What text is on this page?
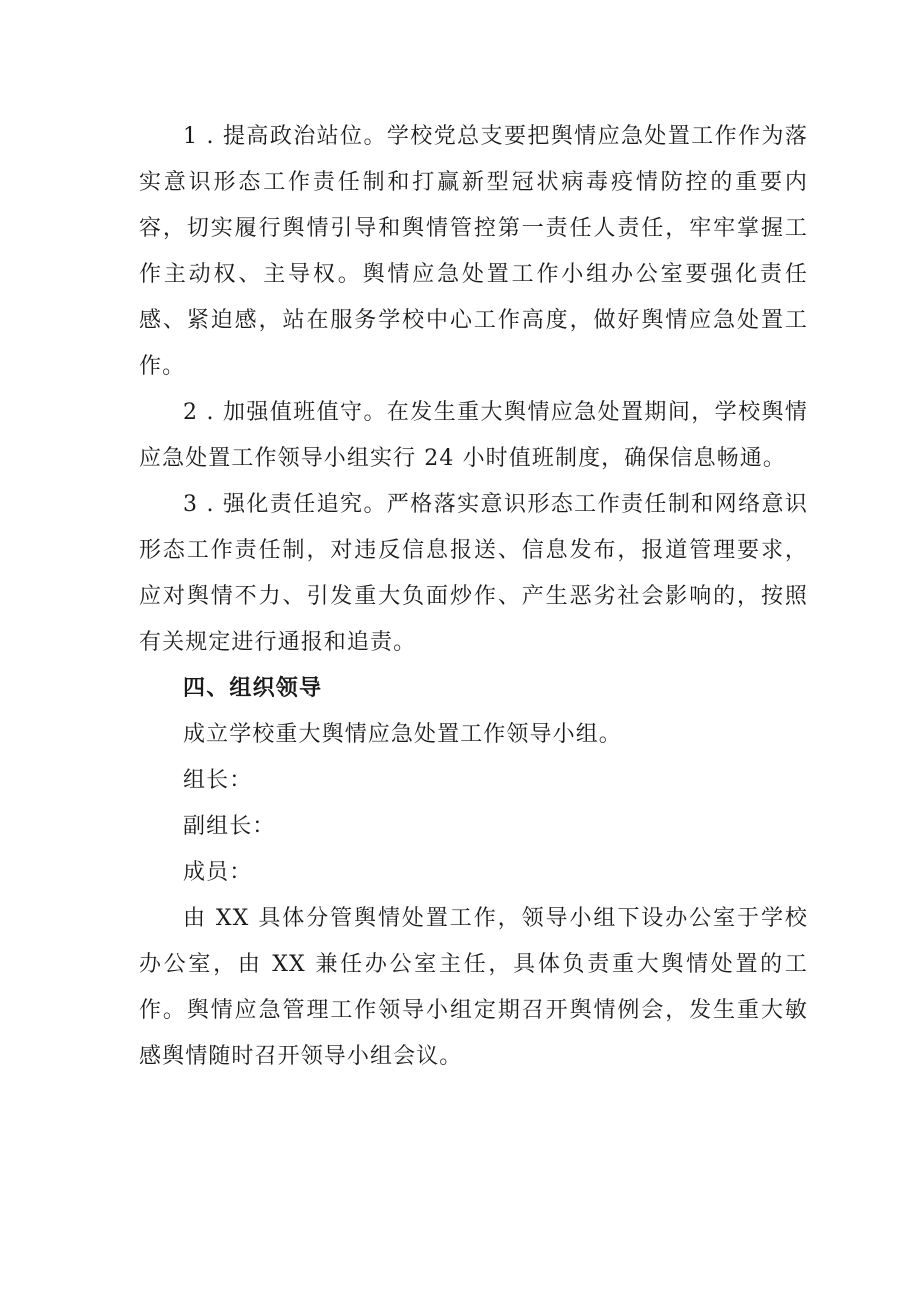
1 . 提高政治站位。学校党总支要把舆情应急处置工作作为落实意识形态工作责任制和打赢新型冠状病毒疫情防控的重要内容，切实履行舆情引导和舆情管控第一责任人责任，牢牢掌握工作主动权、主导权。舆情应急处置工作小组办公室要强化责任感、紧迫感，站在服务学校中心工作高度，做好舆情应急处置工作。

2 . 加强值班值守。在发生重大舆情应急处置期间，学校舆情应急处置工作领导小组实行 24 小时值班制度，确保信息畅通。

3 . 强化责任追究。严格落实意识形态工作责任制和网络意识形态工作责任制，对违反信息报送、信息发布，报道管理要求，应对舆情不力、引发重大负面炒作、产生恶劣社会影响的，按照有关规定进行通报和追责。

四、组织领导

成立学校重大舆情应急处置工作领导小组。

组长：

副组长：

成员：

由 XX 具体分管舆情处置工作，领导小组下设办公室于学校办公室，由 XX 兼任办公室主任，具体负责重大舆情处置的工作。舆情应急管理工作领导小组定期召开舆情例会，发生重大敏感舆情随时召开领导小组会议。
